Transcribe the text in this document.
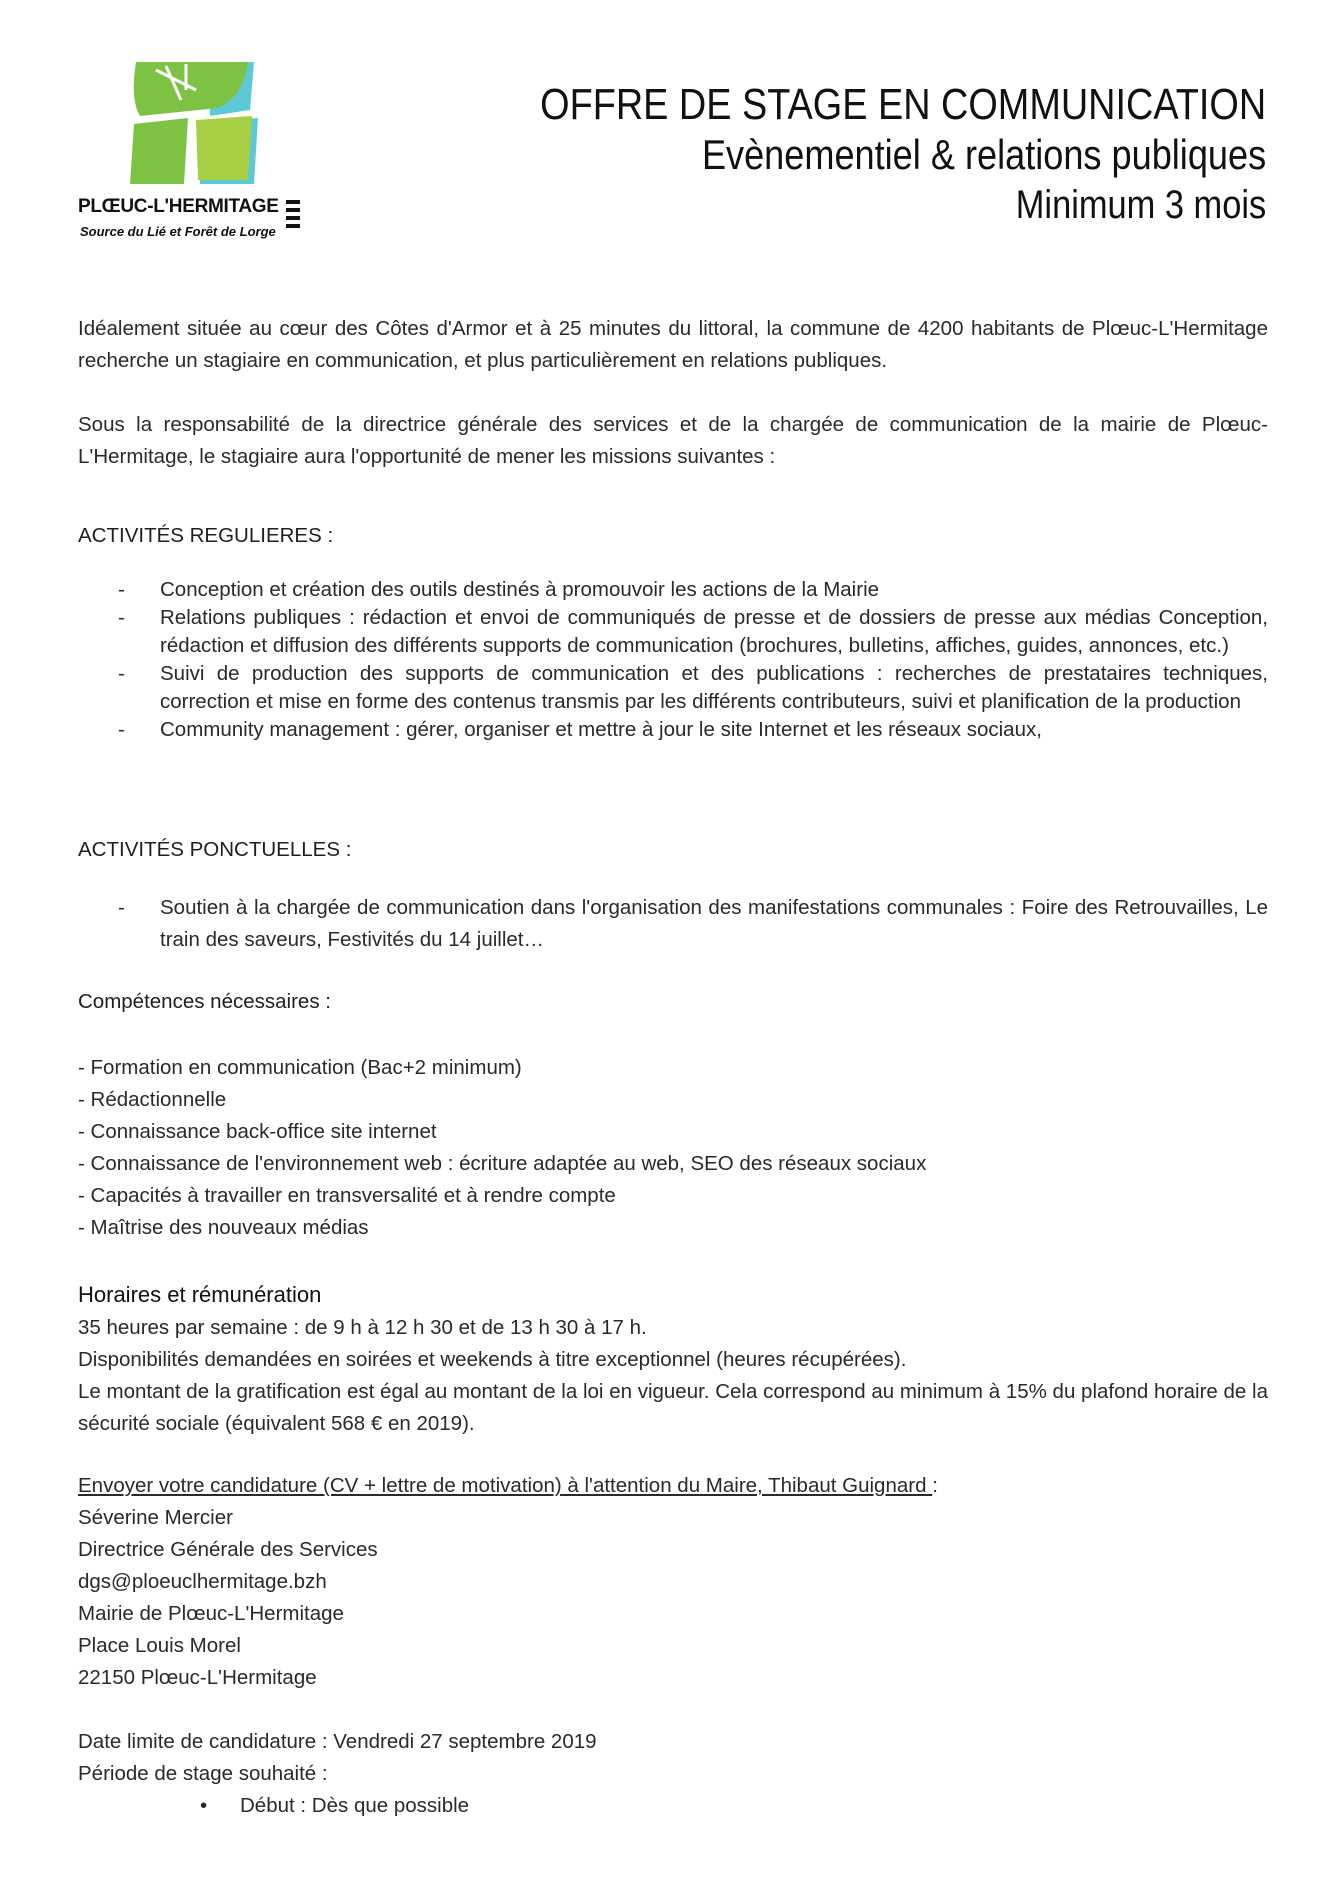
PLŒUC-L'HERMITAGE
Source du Lié et Forêt de Lorge
OFFRE DE STAGE EN COMMUNICATION
Evènementiel & relations publiques
Minimum 3 mois

Idéalement située au cœur des Côtes d'Armor et à 25 minutes du littoral, la commune de 4200 habitants de Plœuc-L'Hermitage recherche un stagiaire en communication, et plus particulièrement en relations publiques.

Sous la responsabilité de la directrice générale des services et de la chargée de communication de la mairie de Plœuc-L'Hermitage, le stagiaire aura l'opportunité de mener les missions suivantes :

ACTIVITÉS REGULIERES :
- Conception et création des outils destinés à promouvoir les actions de la Mairie
- Relations publiques : rédaction et envoi de communiqués de presse et de dossiers de presse aux médias Conception, rédaction et diffusion des différents supports de communication (brochures, bulletins, affiches, guides, annonces, etc.)
- Suivi de production des supports de communication et des publications : recherches de prestataires techniques, correction et mise en forme des contenus transmis par les différents contributeurs, suivi et planification de la production
- Community management : gérer, organiser et mettre à jour le site Internet et les réseaux sociaux,
ACTIVITÉS PONCTUELLES :
- Soutien à la chargée de communication dans l'organisation des manifestations communales : Foire des Retrouvailles, Le train des saveurs, Festivités du 14 juillet…
Compétences nécessaires :
- Formation en communication (Bac+2 minimum)
- Rédactionnelle
- Connaissance back-office site internet
- Connaissance de l'environnement web : écriture adaptée au web, SEO des réseaux sociaux
- Capacités à travailler en transversalité et à rendre compte
- Maîtrise des nouveaux médias
Horaires et rémunération
35 heures par semaine : de 9 h à 12 h 30 et de 13 h 30 à 17 h.
Disponibilités demandées en soirées et weekends à titre exceptionnel (heures récupérées).
Le montant de la gratification est égal au montant de la loi en vigueur. Cela correspond au minimum à 15% du plafond horaire de la sécurité sociale (équivalent 568 € en 2019).
Envoyer votre candidature (CV + lettre de motivation) à l'attention du Maire, Thibaut Guignard :
Séverine Mercier
Directrice Générale des Services
dgs@ploeuclhermitage.bzh
Mairie de Plœuc-L'Hermitage
Place Louis Morel
22150 Plœuc-L'Hermitage
Date limite de candidature : Vendredi 27 septembre 2019
Période de stage souhaité :
• Début : Dès que possible
